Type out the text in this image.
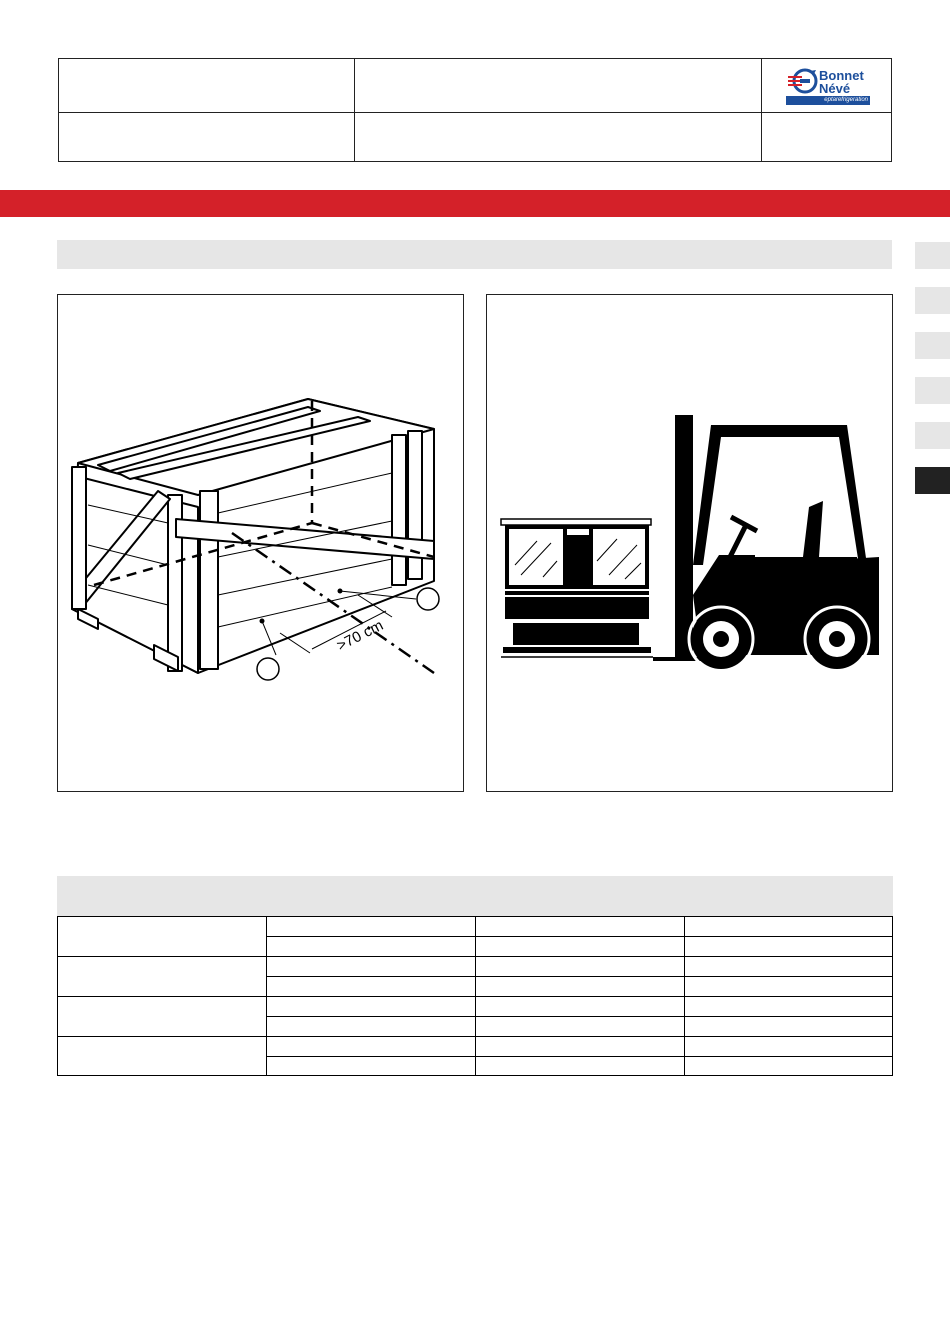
Bonnet
Névé
eptarefrigeration
>70 cm
